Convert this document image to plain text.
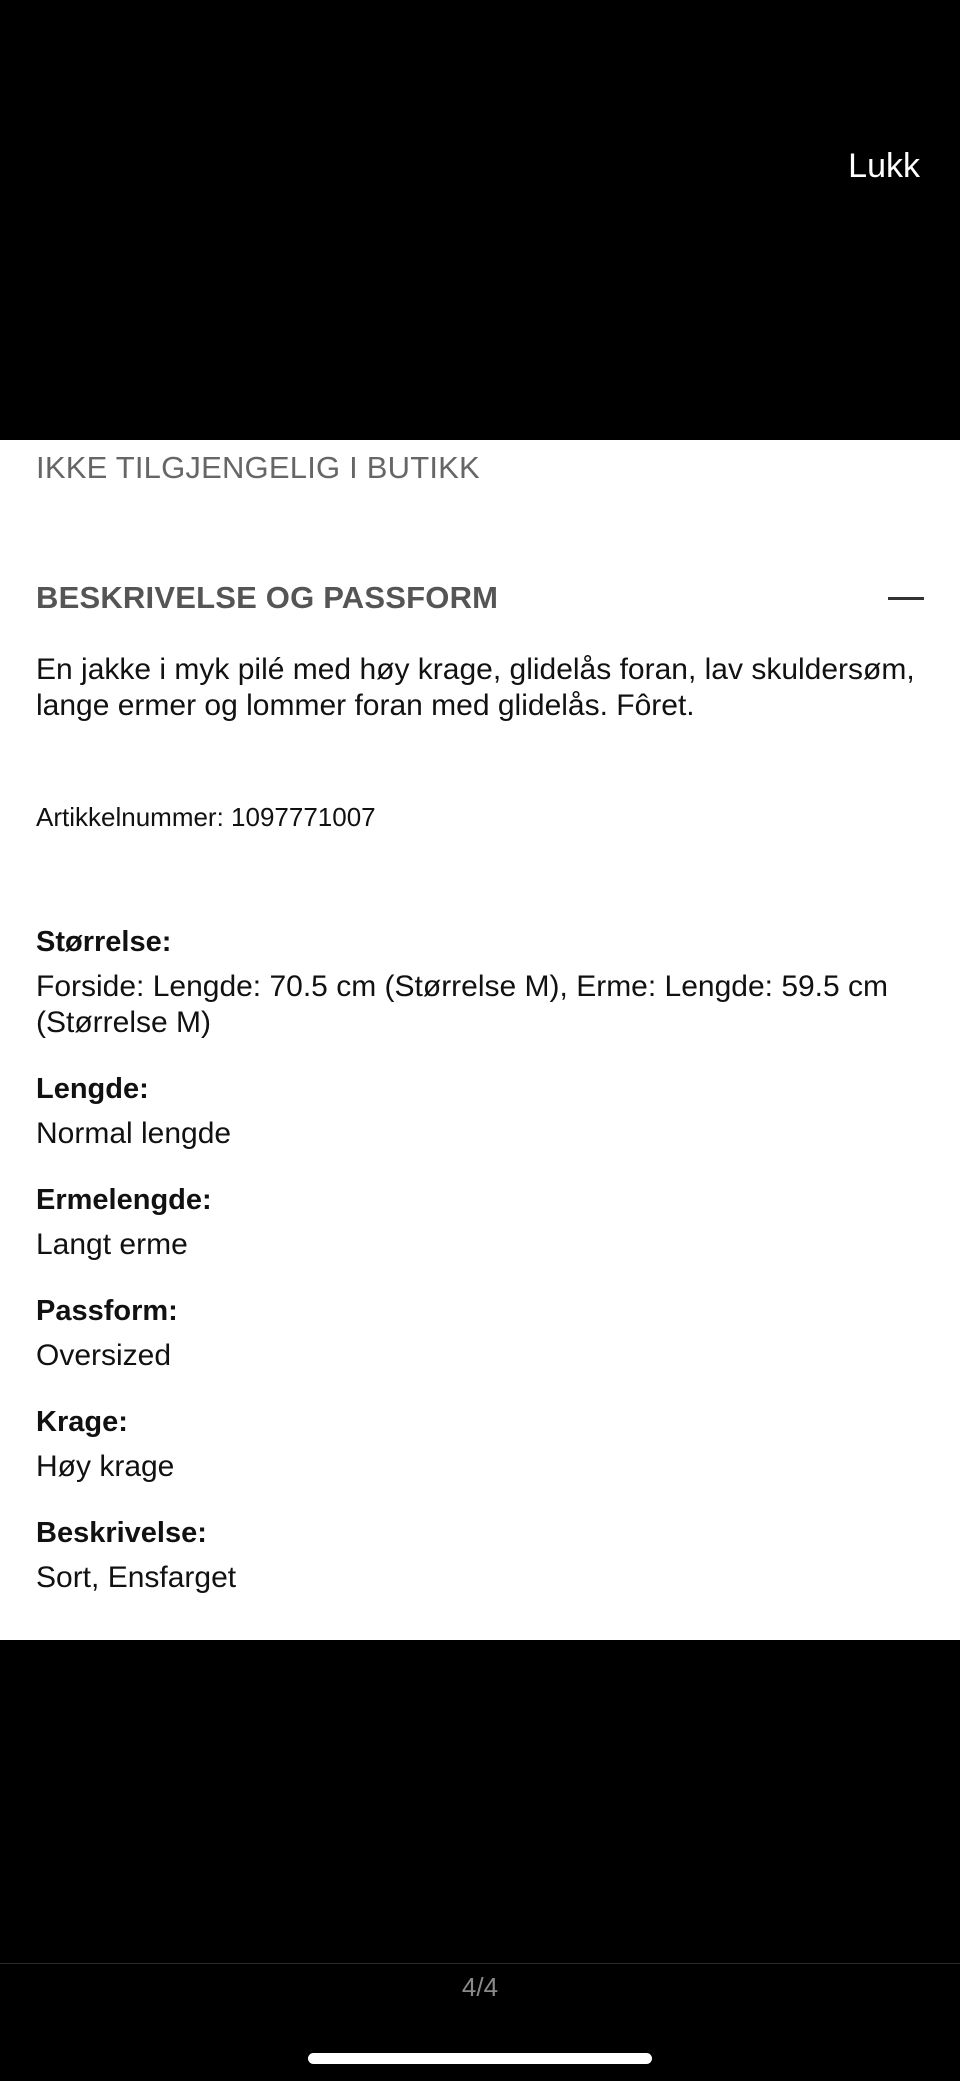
Lukk
IKKE TILGJENGELIG I BUTIKK
BESKRIVELSE OG PASSFORM
En jakke i myk pilé med høy krage, glidelås foran, lav skuldersøm, lange ermer og lommer foran med glidelås. Fôret.
Artikkelnummer: 1097771007
Størrelse:
Forside: Lengde: 70.5 cm (Størrelse M), Erme: Lengde: 59.5 cm (Størrelse M)
Lengde:
Normal lengde
Ermelengde:
Langt erme
Passform:
Oversized
Krage:
Høy krage
Beskrivelse:
Sort, Ensfarget
4/4
